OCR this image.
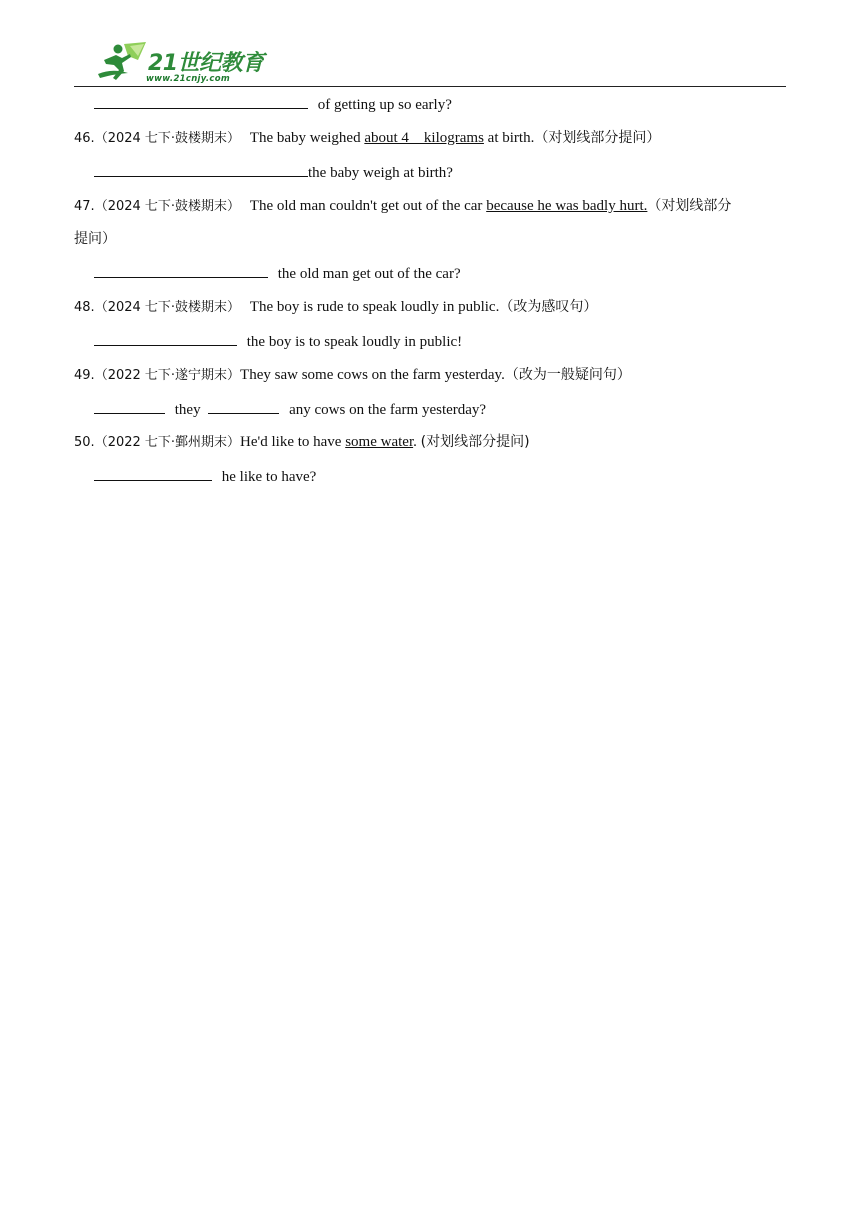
21世纪教育
www.21cnjy.com
of getting up so early?
46.（2024 七下·鼓楼期末） The baby weighed about 4    kilograms at birth.（对划线部分提问）
the baby weigh at birth?
47.（2024 七下·鼓楼期末） The old man couldn't get out of the car because he was badly hurt.（对划线部分
提问）
the old man get out of the car?
48.（2024 七下·鼓楼期末） The boy is rude to speak loudly in public.（改为感叹句）
the boy is to speak loudly in public!
49.（2022 七下·遂宁期末）They saw some cows on the farm yesterday.（改为一般疑问句）
they	any cows on the farm yesterday?
50.（2022 七下·鄞州期末）He'd like to have some water. (对划线部分提问)
he like to have?
